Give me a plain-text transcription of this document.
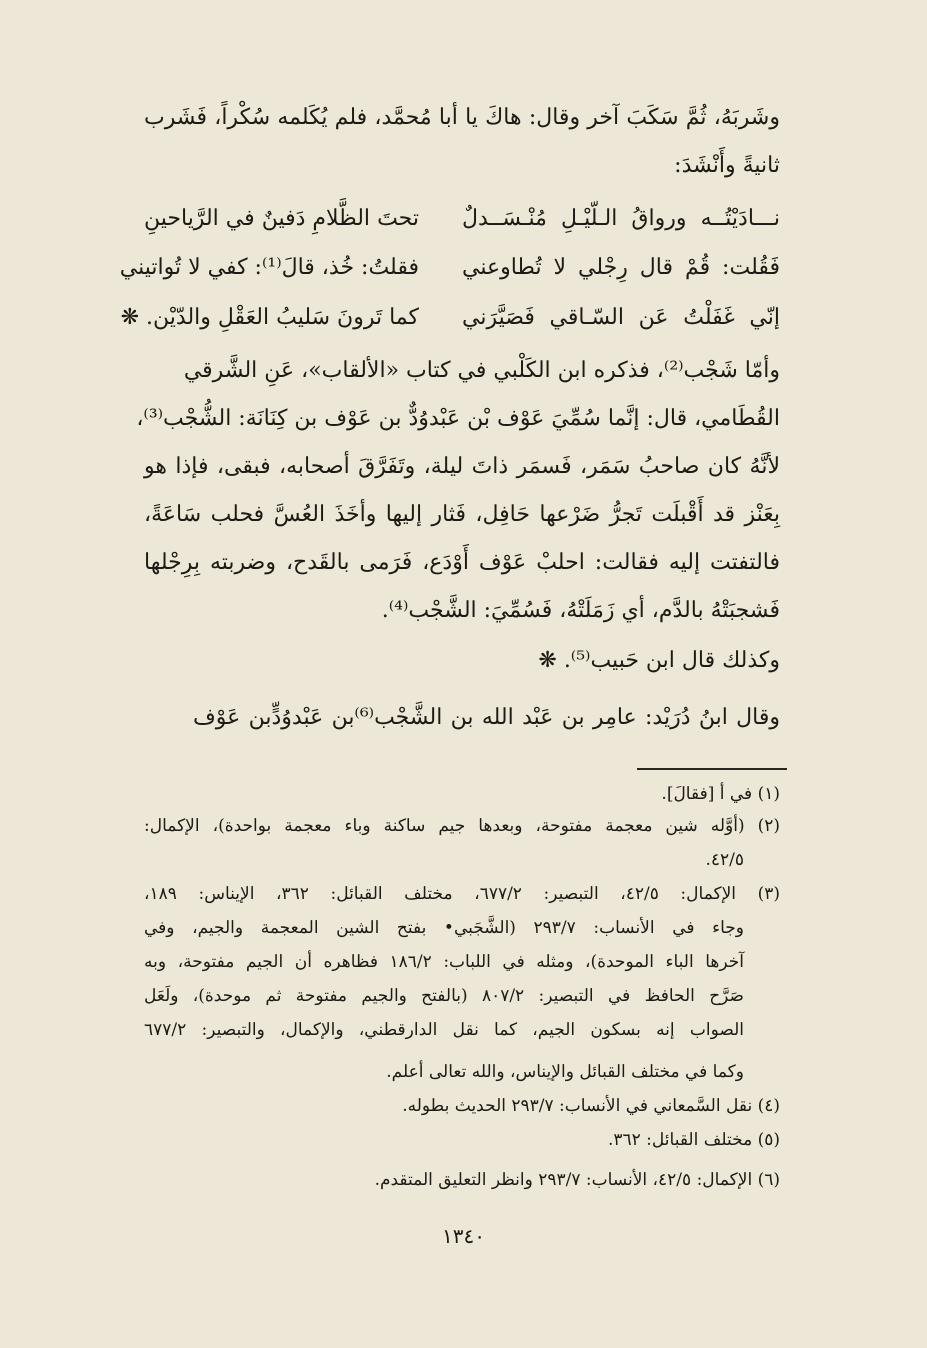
وشَربَهُ، ثُمَّ سَكَبَ آخر وقال: هاكَ يا أبا مُحمَّد، فلم يُكَلمه سُكْراً، فَشَرب
ثانيةً وأَنْشَدَ:
نـــادَيْتُــه ورواقُ الـلّيْـلِ مُنْـسَــدلٌ
تحتَ الظَّلامِ دَفينٌ في الرَّياحينِ
فَقُلت: قُمْ قال رِجْلي لا تُطاوعني
فقلتُ: خُذ، قالَ⁽¹⁾: كفي لا تُواتيني
إنّي غَفَلْتُ عَن السّـاقي فَصَيَّرَني
كما تَرونَ سَليبُ العَقْلِ والدّيْن. ❋
وأمّا شَجْب⁽²⁾، فذكره ابن الكَلْبي في كتاب «الألقاب»، عَنِ الشَّرقي
القُطَامي، قال: إنَّما سُمِّيَ عَوْف بْن عَبْدوُدٌّ بن عَوْف بن كِنَانَة: الشُّجْب⁽³⁾،
لأنَّهُ كان صاحبُ سَمَر، فَسمَر ذاتَ ليلة، وتَفَرَّقَ أصحابه، فبقى، فإذا هو
بِعَنْز قد أَقْبلَت تَجرُّ ضَرْعها حَافِل، فَثار إليها وأخَذَ العُسَّ فحلب سَاعَةً،
فالتفتت إليه فقالت: احلبْ عَوْف أَوْدَع، فَرَمى بالقَدح، وضربته بِرِجْلها
فَشجبَتْهُ بالدَّم، أي زَمَلَتْهُ، فَسُمِّيَ: الشَّجْب⁽⁴⁾.
وكذلك قال ابن حَبيب⁽⁵⁾. ❋
وقال ابنُ دُرَيْد: عامِر بن عَبْد الله بن الشَّجْب⁽⁶⁾بن عَبْدوُدٍّبن عَوْف
(١) في أ [فقالَ].
(٢) (أوَّله شين معجمة مفتوحة، وبعدها جيم ساكنة وباء معجمة بواحدة)، الإكمال:
٤٢/٥.
(٣) الإكمال: ٤٢/٥، التبصير: ٦٧٧/٢، مختلف القبائل: ٣٦٢، الإيناس: ١٨٩،
وجاء في الأنساب: ٢٩٣/٧ (الشَّجَبي• بفتح الشين المعجمة والجيم، وفي
آخرها الباء الموحدة)، ومثله في اللباب: ١٨٦/٢ فظاهره أن الجيم مفتوحة، وبه
صَرَّح الحافظ في التبصير: ٨٠٧/٢ (بالفتح والجيم مفتوحة ثم موحدة)، ولَعَل
الصواب إنه بسكون الجيم، كما نقل الدارقطني، والإكمال، والتبصير: ٦٧٧/٢
وكما في مختلف القبائل والإيناس، والله تعالى أعلم.
(٤) نقل السَّمعاني في الأنساب: ٢٩٣/٧ الحديث بطوله.
(٥) مختلف القبائل: ٣٦٢.
(٦) الإكمال: ٤٢/٥، الأنساب: ٢٩٣/٧ وانظر التعليق المتقدم.
١٣٤٠
